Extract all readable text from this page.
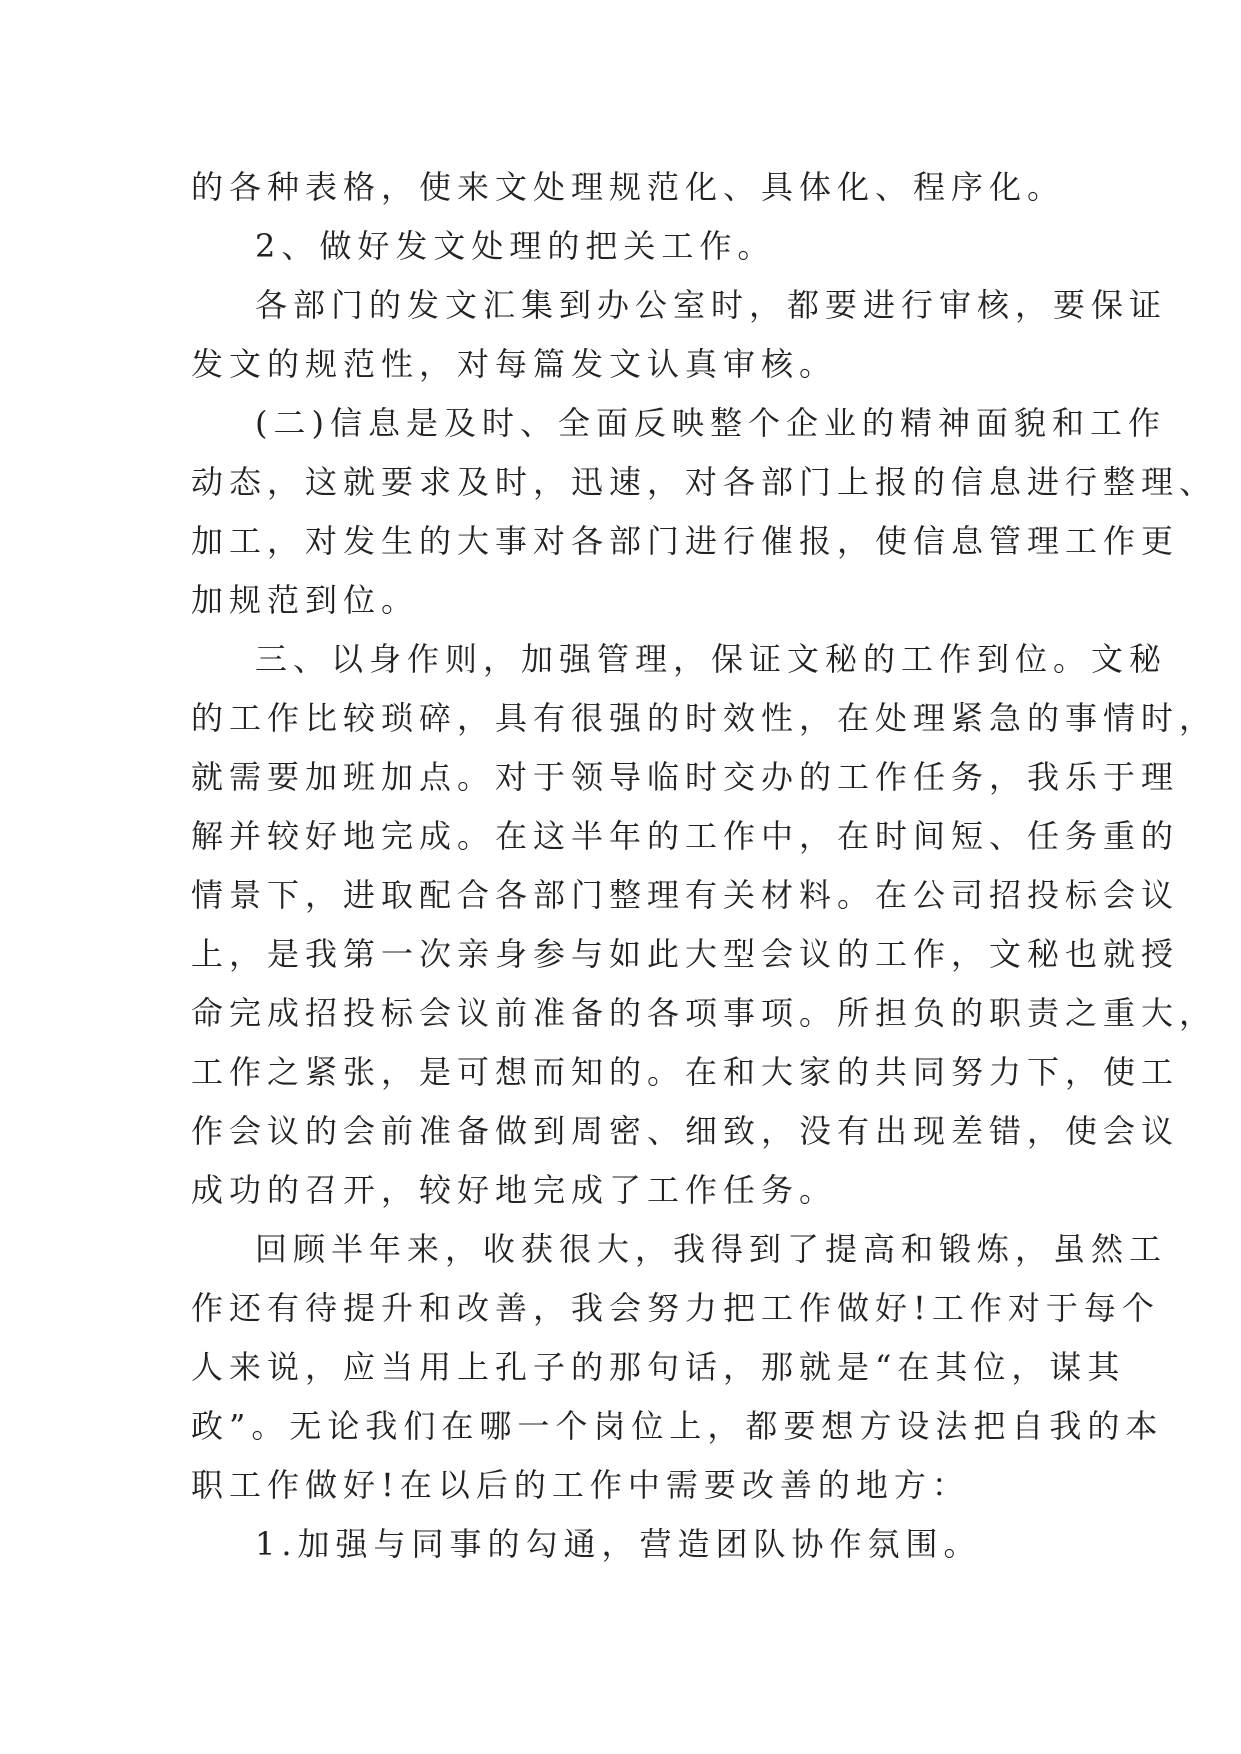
的各种表格，使来文处理规范化、具体化、程序化。

2、做好发文处理的把关工作。

各部门的发文汇集到办公室时，都要进行审核，要保证
发文的规范性，对每篇发文认真审核。

(二)信息是及时、全面反映整个企业的精神面貌和工作
动态，这就要求及时，迅速，对各部门上报的信息进行整理、
加工，对发生的大事对各部门进行催报，使信息管理工作更
加规范到位。

三、以身作则，加强管理，保证文秘的工作到位。文秘
的工作比较琐碎，具有很强的时效性，在处理紧急的事情时，
就需要加班加点。对于领导临时交办的工作任务，我乐于理
解并较好地完成。在这半年的工作中，在时间短、任务重的
情景下，进取配合各部门整理有关材料。在公司招投标会议
上，是我第一次亲身参与如此大型会议的工作，文秘也就授
命完成招投标会议前准备的各项事项。所担负的职责之重大，
工作之紧张，是可想而知的。在和大家的共同努力下，使工
作会议的会前准备做到周密、细致，没有出现差错，使会议
成功的召开，较好地完成了工作任务。

回顾半年来，收获很大，我得到了提高和锻炼，虽然工
作还有待提升和改善，我会努力把工作做好!工作对于每个
人来说，应当用上孔子的那句话，那就是“在其位，谋其
政”。无论我们在哪一个岗位上，都要想方设法把自我的本
职工作做好!在以后的工作中需要改善的地方：

1.加强与同事的勾通，营造团队协作氛围。
